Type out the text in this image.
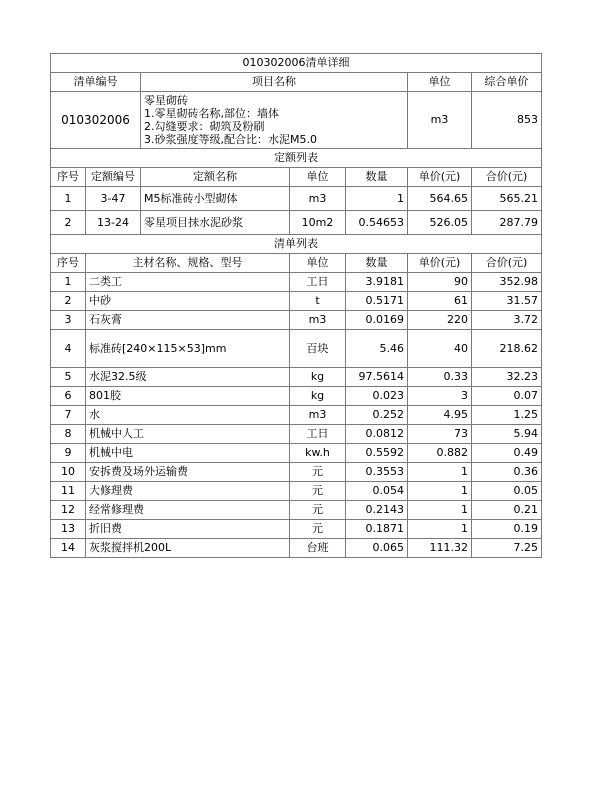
010302006清单详细						
清单编号		项目名称			单位	综合单价
010302006		零星砌砖
1.零星砌砖名称,部位：墙体
2.勾缝要求：砌筑及粉刷
3.砂浆强度等级,配合比：水泥M5.0			m3	853
定额列表						
序号	定额编号	定额名称	单位	数量	单价(元)	合价(元)
1	3-47	M5标准砖小型砌体	m3	1	564.65	565.21
2	13-24	零星项目抹水泥砂浆	10m2	0.54653	526.05	287.79
清单列表						
序号	主材名称、规格、型号		单位	数量	单价(元)	合价(元)
1	二类工		工日	3.9181	90	352.98
2	中砂		t	0.5171	61	31.57
3	石灰膏		m3	0.0169	220	3.72
4	标准砖[240×115×53]mm		百块	5.46	40	218.62
5	水泥32.5级		kg	97.5614	0.33	32.23
6	801胶		kg	0.023	3	0.07
7	水		m3	0.252	4.95	1.25
8	机械中人工		工日	0.0812	73	5.94
9	机械中电		kw.h	0.5592	0.882	0.49
10	安拆费及场外运输费		元	0.3553	1	0.36
11	大修理费		元	0.054	1	0.05
12	经常修理费		元	0.2143	1	0.21
13	折旧费		元	0.1871	1	0.19
14	灰浆搅拌机200L		台班	0.065	111.32	7.25
